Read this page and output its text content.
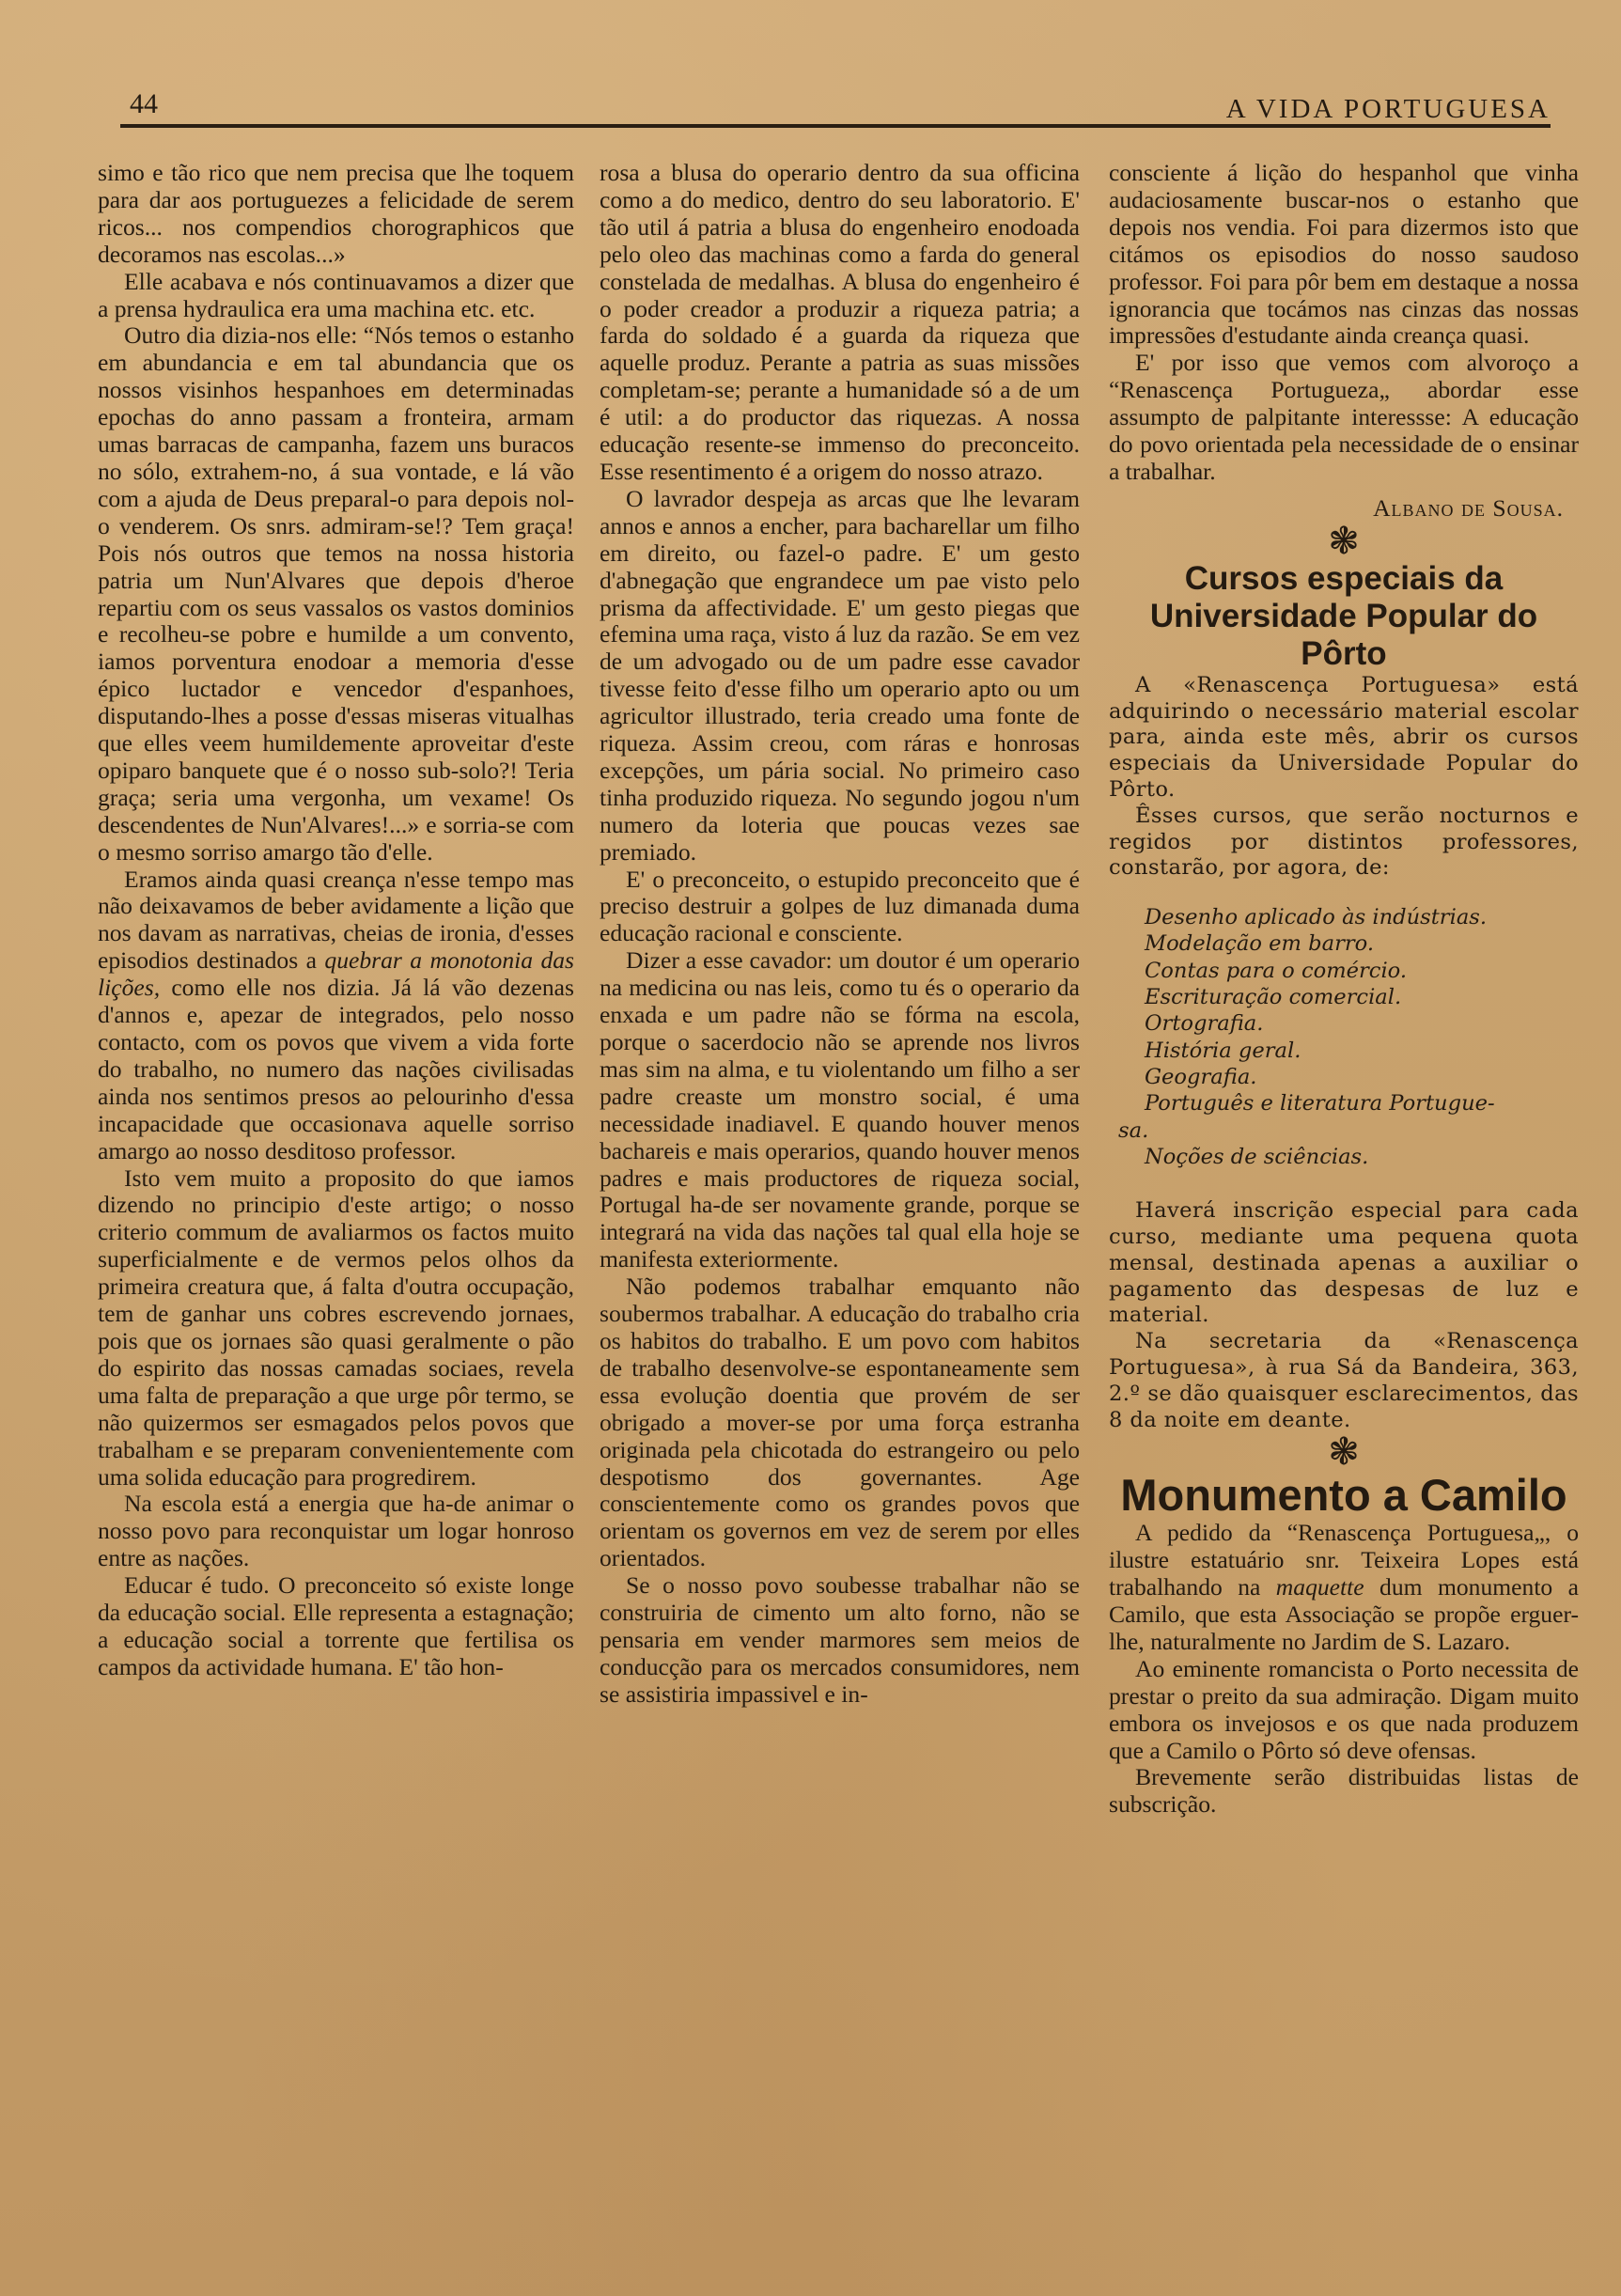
44	A VIDA PORTUGUESA

simo e tão rico que nem precisa que lhe toquem para dar aos portuguezes a felicidade de serem ricos... nos compendios chorographicos que decoramos nas escolas...»

Elle acabava e nós continuavamos a dizer que a prensa hydraulica era uma machina etc. etc.

Outro dia dizia-nos elle: “Nós temos o estanho em abundancia e em tal abundancia que os nossos visinhos hespanhoes em determinadas epochas do anno passam a fronteira, armam umas barracas de campanha, fazem uns buracos no sólo, extrahem-no, á sua vontade, e lá vão com a ajuda de Deus preparal-o para depois nol-o venderem. Os snrs. admiram-se!? Tem graça! Pois nós outros que temos na nossa historia patria um Nun'Alvares que depois d'heroe repartiu com os seus vassalos os vastos dominios e recolheu-se pobre e humilde a um convento, iamos porventura enodoar a memoria d'esse épico luctador e vencedor d'espanhoes, disputando-lhes a posse d'essas miseras vitualhas que elles veem humildemente aproveitar d'este opiparo banquete que é o nosso sub-solo?! Teria graça; seria uma vergonha, um vexame! Os descendentes de Nun'Alvares!...» e sorria-se com o mesmo sorriso amargo tão d'elle.

Eramos ainda quasi creança n'esse tempo mas não deixavamos de beber avidamente a lição que nos davam as narrativas, cheias de ironia, d'esses episodios destinados a quebrar a monotonia das lições, como elle nos dizia. Já lá vão dezenas d'annos e, apezar de integrados, pelo nosso contacto, com os povos que vivem a vida forte do trabalho, no numero das nações civilisadas ainda nos sentimos presos ao pelourinho d'essa incapacidade que occasionava aquelle sorriso amargo ao nosso desditoso professor.

Isto vem muito a proposito do que iamos dizendo no principio d'este artigo; o nosso criterio commum de avaliarmos os factos muito superficialmente e de vermos pelos olhos da primeira creatura que, á falta d'outra occupação, tem de ganhar uns cobres escrevendo jornaes, pois que os jornaes são quasi geralmente o pão do espirito das nossas camadas sociaes, revela uma falta de preparação a que urge pôr termo, se não quizermos ser esmagados pelos povos que trabalham e se preparam convenientemente com uma solida educação para progredirem.

Na escola está a energia que ha-de animar o nosso povo para reconquistar um logar honroso entre as nações.

Educar é tudo. O preconceito só existe longe da educação social. Elle representa a estagnação; a educação social a torrente que fertilisa os campos da actividade humana. E' tão hon-

rosa a blusa do operario dentro da sua officina como a do medico, dentro do seu laboratorio. E' tão util á patria a blusa do engenheiro enodoada pelo oleo das machinas como a farda do general constelada de medalhas. A blusa do engenheiro é o poder creador a produzir a riqueza patria; a farda do soldado é a guarda da riqueza que aquelle produz. Perante a patria as suas missões completam-se; perante a humanidade só a de um é util: a do productor das riquezas. A nossa educação resente-se immenso do preconceito. Esse resentimento é a origem do nosso atrazo.

O lavrador despeja as arcas que lhe levaram annos e annos a encher, para bacharellar um filho em direito, ou fazel-o padre. E' um gesto d'abnegação que engrandece um pae visto pelo prisma da affectividade. E' um gesto piegas que efemina uma raça, visto á luz da razão. Se em vez de um advogado ou de um padre esse cavador tivesse feito d'esse filho um operario apto ou um agricultor illustrado, teria creado uma fonte de riqueza. Assim creou, com ráras e honrosas excepções, um pária social. No primeiro caso tinha produzido riqueza. No segundo jogou n'um numero da loteria que poucas vezes sae premiado.

E' o preconceito, o estupido preconceito que é preciso destruir a golpes de luz dimanada duma educação racional e consciente.

Dizer a esse cavador: um doutor é um operario na medicina ou nas leis, como tu és o operario da enxada e um padre não se fórma na escola, porque o sacerdocio não se aprende nos livros mas sim na alma, e tu violentando um filho a ser padre creaste um monstro social, é uma necessidade inadiavel. E quando houver menos bachareis e mais operarios, quando houver menos padres e mais productores de riqueza social, Portugal ha-de ser novamente grande, porque se integrará na vida das nações tal qual ella hoje se manifesta exteriormente.

Não podemos trabalhar emquanto não soubermos trabalhar. A educação do trabalho cria os habitos do trabalho. E um povo com habitos de trabalho desenvolve-se espontaneamente sem essa evolução doentia que provém de ser obrigado a mover-se por uma força estranha originada pela chicotada do estrangeiro ou pelo despotismo dos governantes. Age conscientemente como os grandes povos que orientam os governos em vez de serem por elles orientados.

Se o nosso povo soubesse trabalhar não se construiria de cimento um alto forno, não se pensaria em vender marmores sem meios de conducção para os mercados consumidores, nem se assistiria impassivel e in-

consciente á lição do hespanhol que vinha audaciosamente buscar-nos o estanho que depois nos vendia. Foi para dizermos isto que citámos os episodios do nosso saudoso professor. Foi para pôr bem em destaque a nossa ignorancia que tocámos nas cinzas das nossas impressões d'estudante ainda creança quasi.

E' por isso que vemos com alvoroço a “Renascença Portugueza„ abordar esse assumpto de palpitante interessse: A educação do povo orientada pela necessidade de o ensinar a trabalhar.

Albano de Sousa.

❃

Cursos especiais da Universidade Popular do Pôrto

A «Renascença Portuguesa» está adquirindo o necessário material escolar para, ainda este mês, abrir os cursos especiais da Universidade Popular do Pôrto.

Êsses cursos, que serão nocturnos e regidos por distintos professores, constarão, por agora, de:

Desenho aplicado às indústrias.
Modelação em barro.
Contas para o comércio.
Escrituração comercial.
Ortografia.
História geral.
Geografia.
Português e literatura Portugue-
sa.
Noções de sciências.

Haverá inscrição especial para cada curso, mediante uma pequena quota mensal, destinada apenas a auxiliar o pagamento das despesas de luz e material.

Na secretaria da «Renascença Portuguesa», à rua Sá da Bandeira, 363, 2.º se dão quaisquer esclarecimentos, das 8 da noite em deante.

❃

Monumento a Camilo

A pedido da “Renascença Portuguesa„, o ilustre estatuário snr. Teixeira Lopes está trabalhando na maquette dum monumento a Camilo, que esta Associação se propõe erguer-lhe, naturalmente no Jardim de S. Lazaro.

Ao eminente romancista o Porto necessita de prestar o preito da sua admiração. Digam muito embora os invejosos e os que nada produzem que a Camilo o Pôrto só deve ofensas.

Brevemente serão distribuidas listas de subscrição.
